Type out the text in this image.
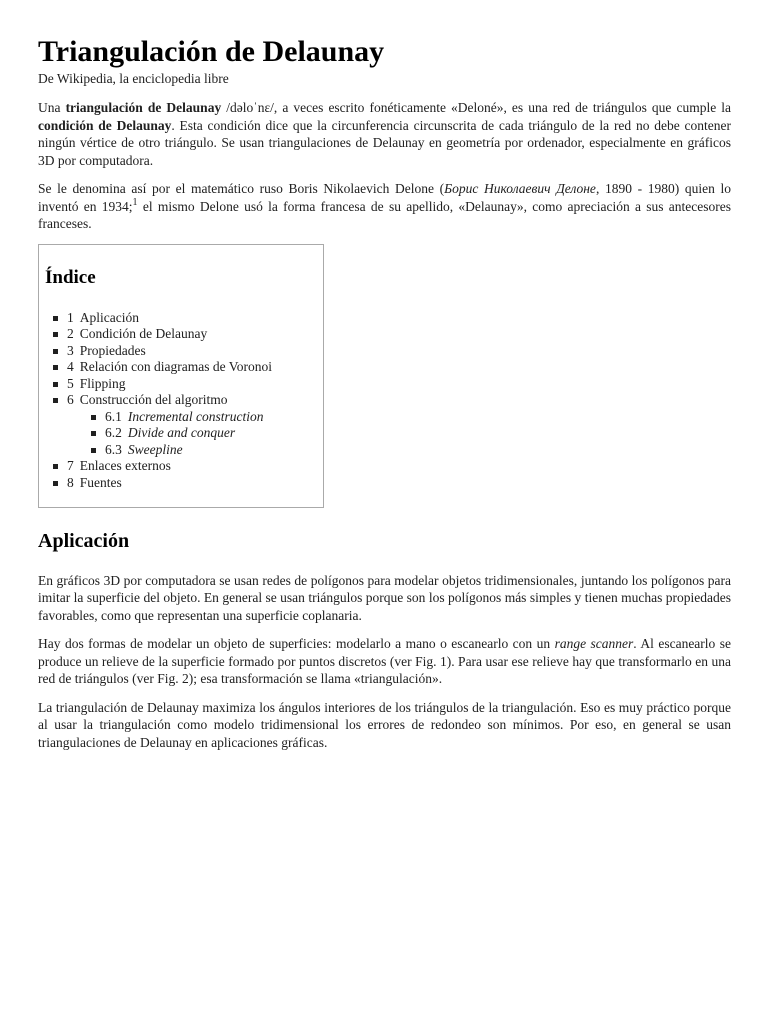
Triangulación de Delaunay
De Wikipedia, la enciclopedia libre

Una triangulación de Delaunay /dəloˈnɛ/, a veces escrito fonéticamente «Deloné», es una red de triángulos que cumple la condición de Delaunay. Esta condición dice que la circunferencia circunscrita de cada triángulo de la red no debe contener ningún vértice de otro triángulo. Se usan triangulaciones de Delaunay en geometría por ordenador, especialmente en gráficos 3D por computadora.

Se le denomina así por el matemático ruso Boris Nikolaevich Delone (Борис Николаевич Делоне, 1890 - 1980) quien lo inventó en 1934;$^1$ el mismo Delone usó la forma francesa de su apellido, «Delaunay», como apreciación a sus antecesores franceses.

Índice
1 Aplicación
2 Condición de Delaunay
3 Propiedades
4 Relación con diagramas de Voronoi
5 Flipping
6 Construcción del algoritmo
6.1 Incremental construction
6.2 Divide and conquer
6.3 Sweepline
7 Enlaces externos
8 Fuentes
Aplicación

En gráficos 3D por computadora se usan redes de polígonos para modelar objetos tridimensionales, juntando los polígonos para imitar la superficie del objeto. En general se usan triángulos porque son los polígonos más simples y tienen muchas propiedades favorables, como que representan una superficie coplanaria.

Hay dos formas de modelar un objeto de superficies: modelarlo a mano o escanearlo con un range scanner. Al escanearlo se produce un relieve de la superficie formado por puntos discretos (ver Fig. 1). Para usar ese relieve hay que transformarlo en una red de triángulos (ver Fig. 2); esa transformación se llama «triangulación».

La triangulación de Delaunay maximiza los ángulos interiores de los triángulos de la triangulación. Eso es muy práctico porque al usar la triangulación como modelo tridimensional los errores de redondeo son mínimos. Por eso, en general se usan triangulaciones de Delaunay en aplicaciones gráficas.
